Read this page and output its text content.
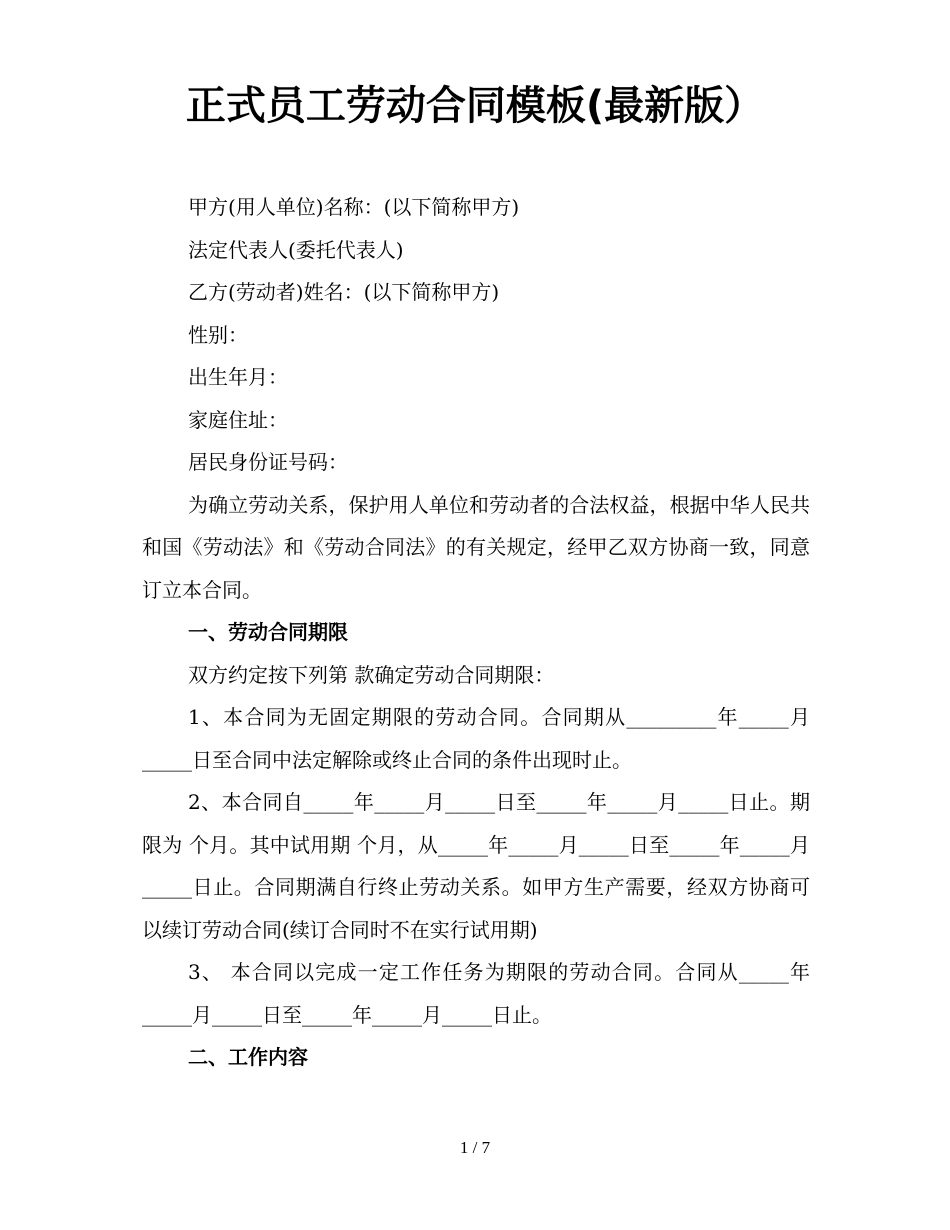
正式员工劳动合同模板(最新版）

甲方(用人单位)名称：(以下简称甲方)

法定代表人(委托代表人)

乙方(劳动者)姓名：(以下简称甲方)

性别：

出生年月：

家庭住址：

居民身份证号码：

为确立劳动关系，保护用人单位和劳动者的合法权益，根据中华人民共和国《劳动法》和《劳动合同法》的有关规定，经甲乙双方协商一致，同意订立本合同。

一、劳动合同期限

双方约定按下列第 款确定劳动合同期限：

1、本合同为无固定期限的劳动合同。合同期从_________年_____月_____日至合同中法定解除或终止合同的条件出现时止。

2、本合同自_____年_____月_____日至_____年_____月_____日止。期限为 个月。其中试用期 个月，从_____年_____月_____日至_____年_____月_____日止。合同期满自行终止劳动关系。如甲方生产需要，经双方协商可以续订劳动合同(续订合同时不在实行试用期)

3、 本合同以完成一定工作任务为期限的劳动合同。合同从_____年_____月_____日至_____年_____月_____日止。

二、工作内容

1 / 7
